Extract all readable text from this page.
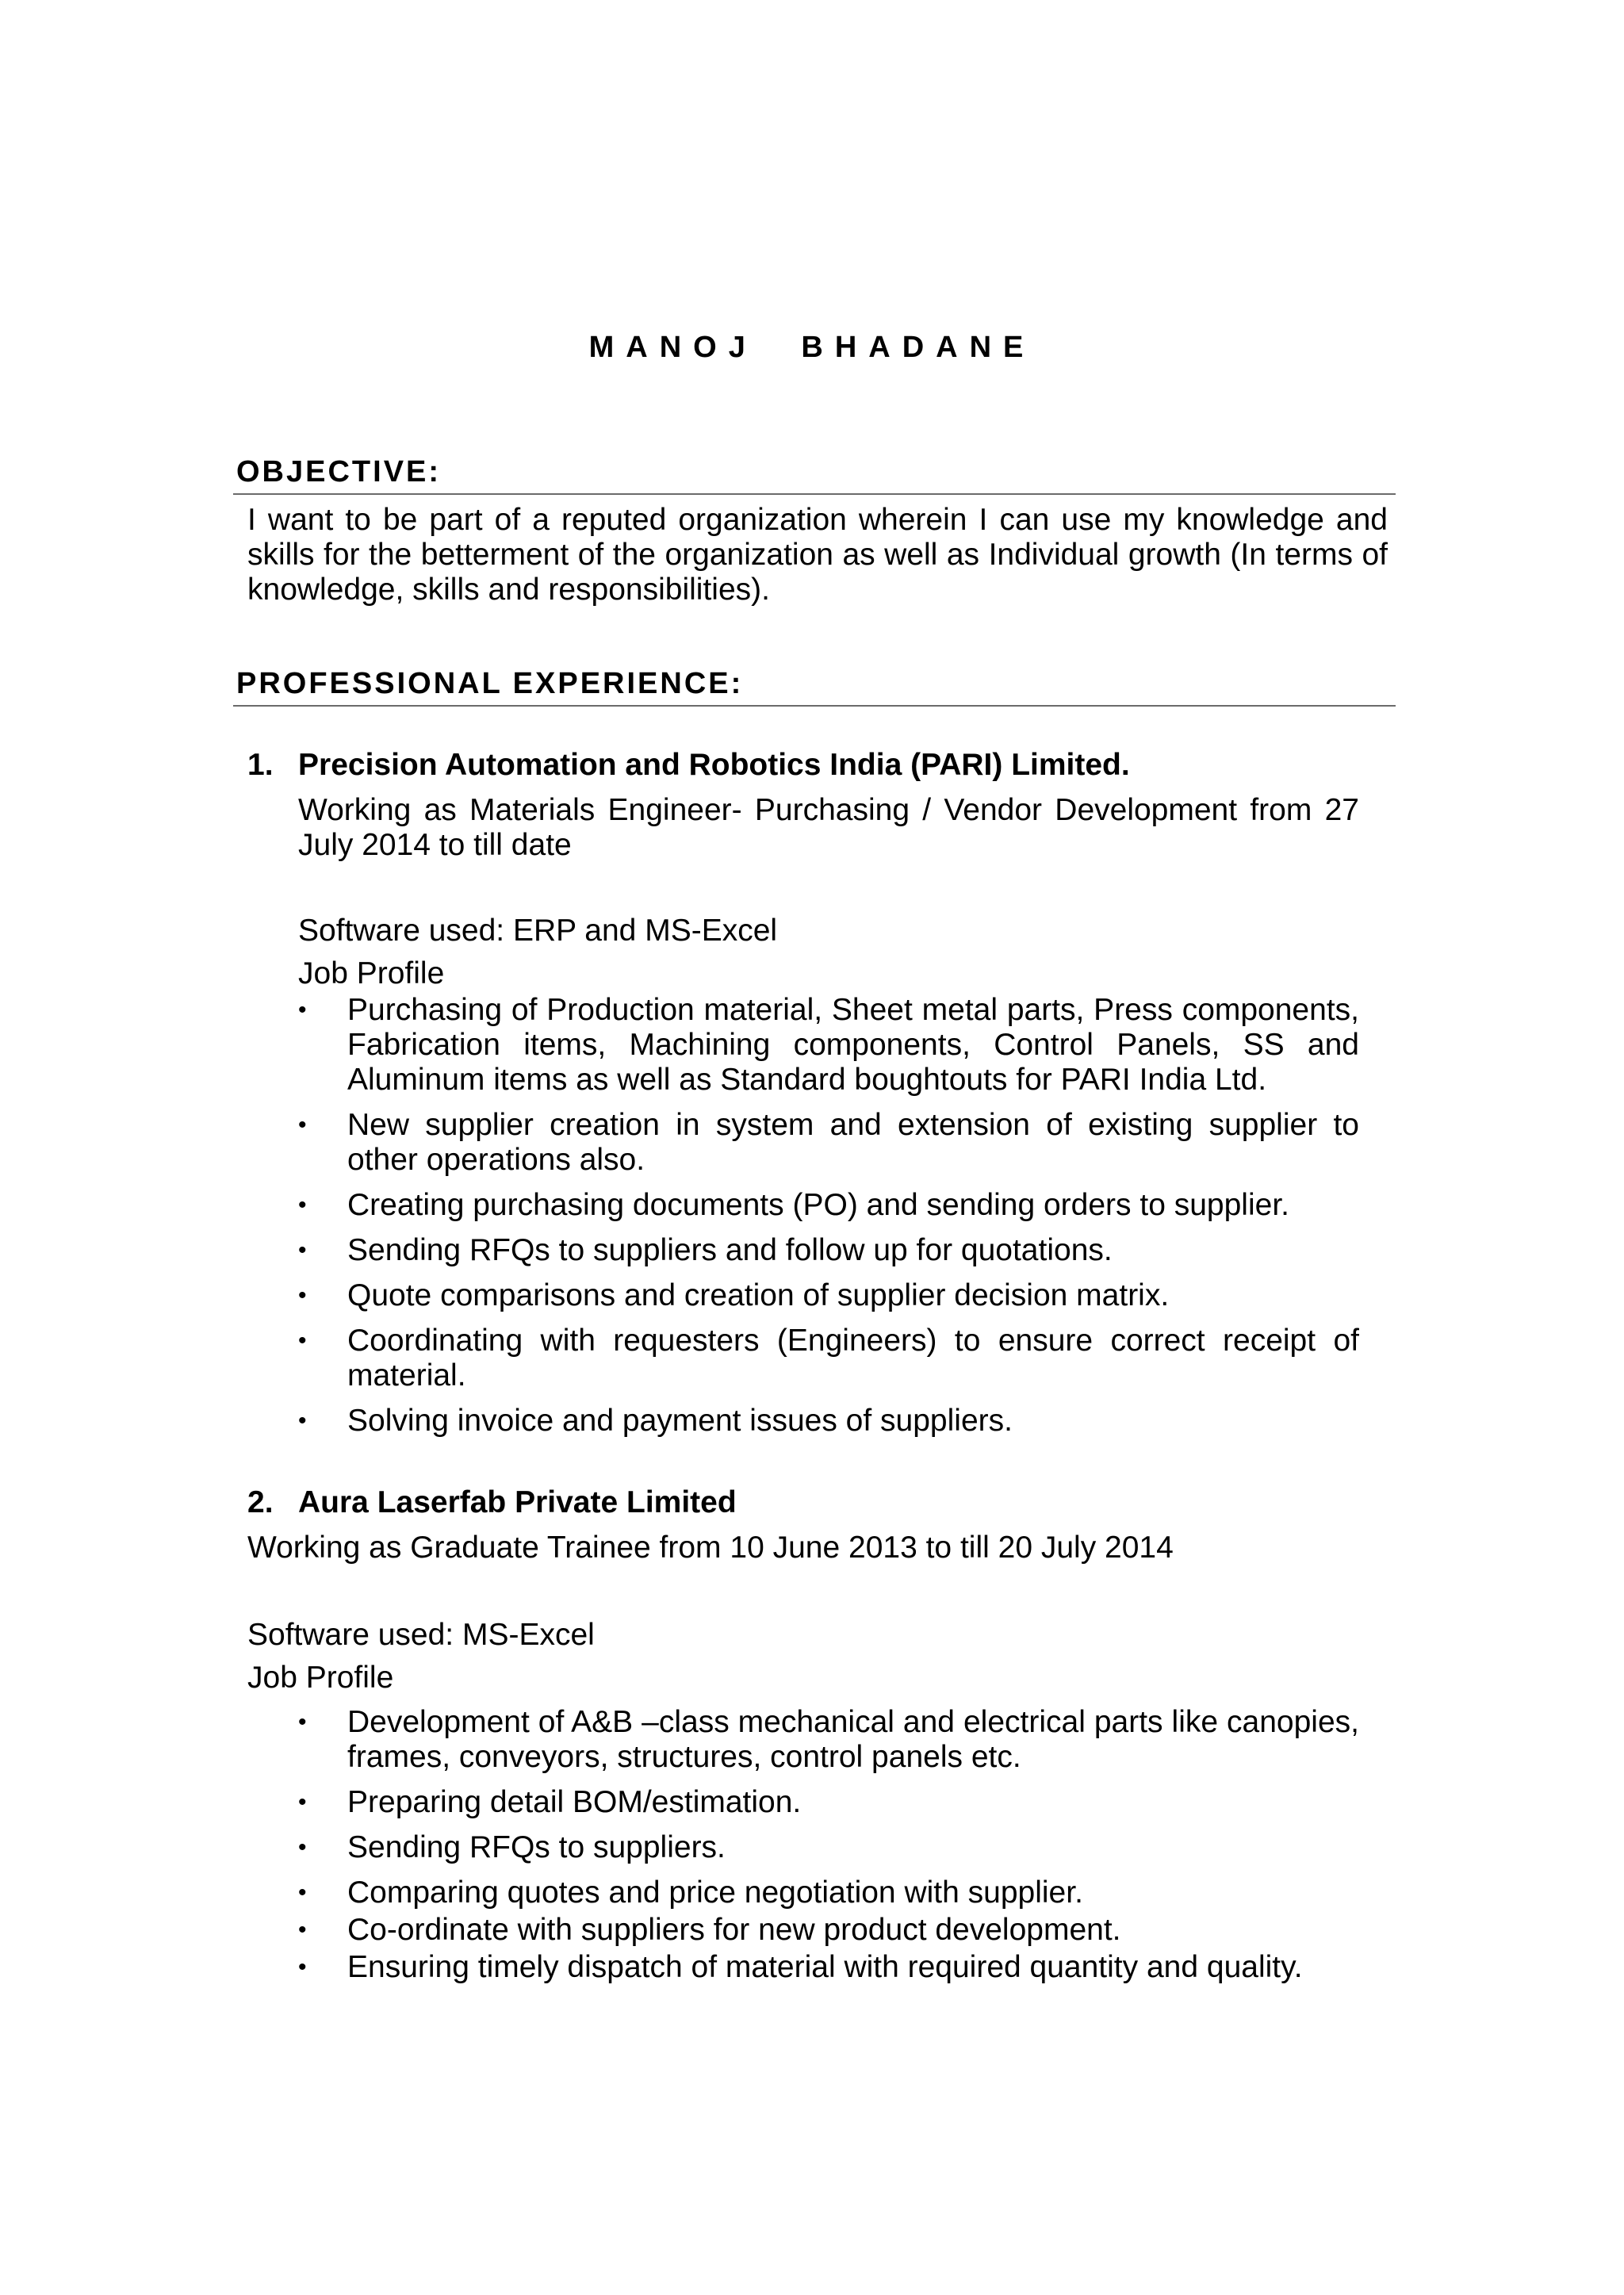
MANOJ BHADANE
OBJECTIVE:
I want to be part of a reputed organization wherein I can use my knowledge and skills for the betterment of the organization as well as Individual growth (In terms of knowledge, skills and responsibilities).
PROFESSIONAL EXPERIENCE:
1. Precision Automation and Robotics India (PARI) Limited.
Working as Materials Engineer- Purchasing / Vendor Development from 27 July 2014 to till date
Software used: ERP and MS-Excel
Job Profile
•	Purchasing of Production material, Sheet metal parts, Press components, Fabrication items, Machining components, Control Panels, SS and Aluminum items as well as Standard boughtouts for PARI India Ltd.
•	New supplier creation in system and extension of existing supplier to other operations also.
•	Creating purchasing documents (PO) and sending orders to supplier.
•	Sending RFQs to suppliers and follow up for quotations.
•	Quote comparisons and creation of supplier decision matrix.
•	Coordinating with requesters (Engineers) to ensure correct receipt of material.
•	Solving invoice and payment issues of suppliers.
2. Aura Laserfab Private Limited
Working as Graduate Trainee from 10 June 2013 to till 20 July 2014
Software used: MS-Excel
Job Profile
•	Development of A&B –class mechanical and electrical parts like canopies, frames, conveyors, structures, control panels etc.
•	Preparing detail BOM/estimation.
•	Sending RFQs to suppliers.
•	Comparing quotes and price negotiation with supplier.
•	Co-ordinate with suppliers for new product development.
•	Ensuring timely dispatch of material with required quantity and quality.
